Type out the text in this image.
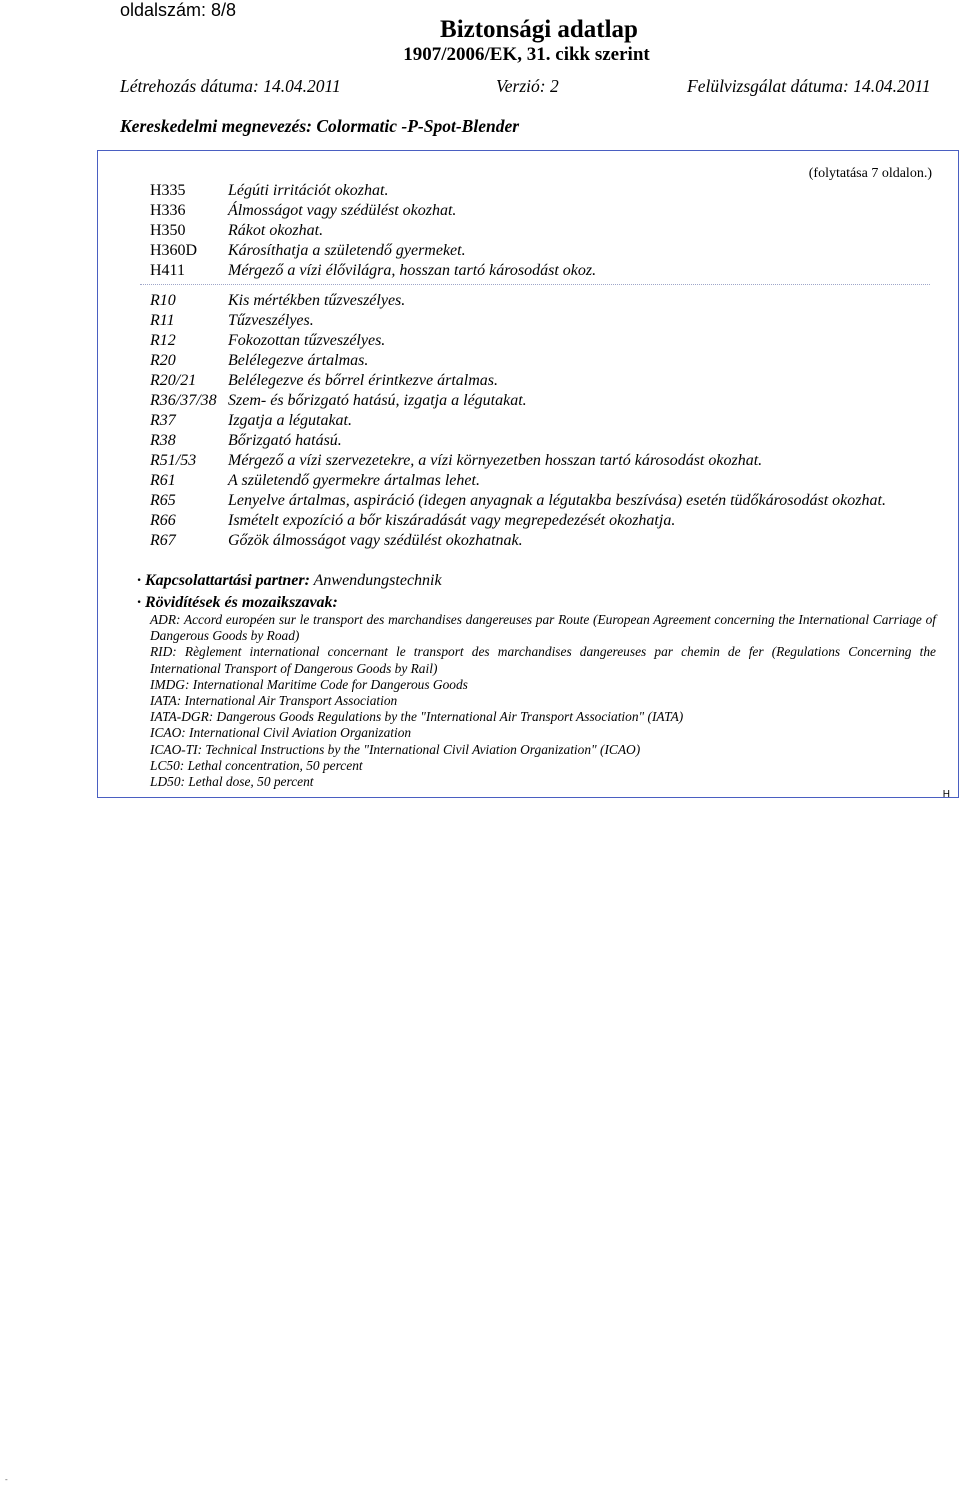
oldalszám: 8/8
Biztonsági adatlap
1907/2006/EK, 31. cikk szerint
Létrehozás dátuma: 14.04.2011	Verzió: 2	Felülvizsgálat dátuma: 14.04.2011
Kereskedelmi megnevezés: Colormatic -P-Spot-Blender
(folytatása 7 oldalon.)
H335	Légúti irritációt okozhat.
H336	Álmosságot vagy szédülést okozhat.
H350	Rákot okozhat.
H360D	Károsíthatja a születendő gyermeket.
H411	Mérgező a vízi élővilágra, hosszan tartó károsodást okoz.
R10	Kis mértékben tűzveszélyes.
R11	Tűzveszélyes.
R12	Fokozottan tűzveszélyes.
R20	Belélegezve ártalmas.
R20/21	Belélegezve és bőrrel érintkezve ártalmas.
R36/37/38 Szem- és bőrizgató hatású, izgatja a légutakat.
R37	Izgatja a légutakat.
R38	Bőrizgató hatású.
R51/53	Mérgező a vízi szervezetekre, a vízi környezetben hosszan tartó károsodást okozhat.
R61	A születendő gyermekre ártalmas lehet.
R65	Lenyelve ártalmas, aspiráció (idegen anyagnak a légutakba beszívása) esetén tüdőkárosodást okozhat.
R66	Ismételt expozíció a bőr kiszáradását vagy megrepedezését okozhatja.
R67	Gőzök álmosságot vagy szédülést okozhatnak.
· Kapcsolattartási partner: Anwendungstechnik
· Rövidítések és mozaikszavak:
ADR: Accord européen sur le transport des marchandises dangereuses par Route (European Agreement concerning the International Carriage of Dangerous Goods by Road)
RID: Règlement international concernant le transport des marchandises dangereuses par chemin de fer (Regulations Concerning the International Transport of Dangerous Goods by Rail)
IMDG: International Maritime Code for Dangerous Goods
IATA: International Air Transport Association
IATA-DGR: Dangerous Goods Regulations by the "International Air Transport Association" (IATA)
ICAO: International Civil Aviation Organization
ICAO-TI: Technical Instructions by the "International Civil Aviation Organization" (ICAO)
LC50: Lethal concentration, 50 percent
LD50: Lethal dose, 50 percent
H
-
